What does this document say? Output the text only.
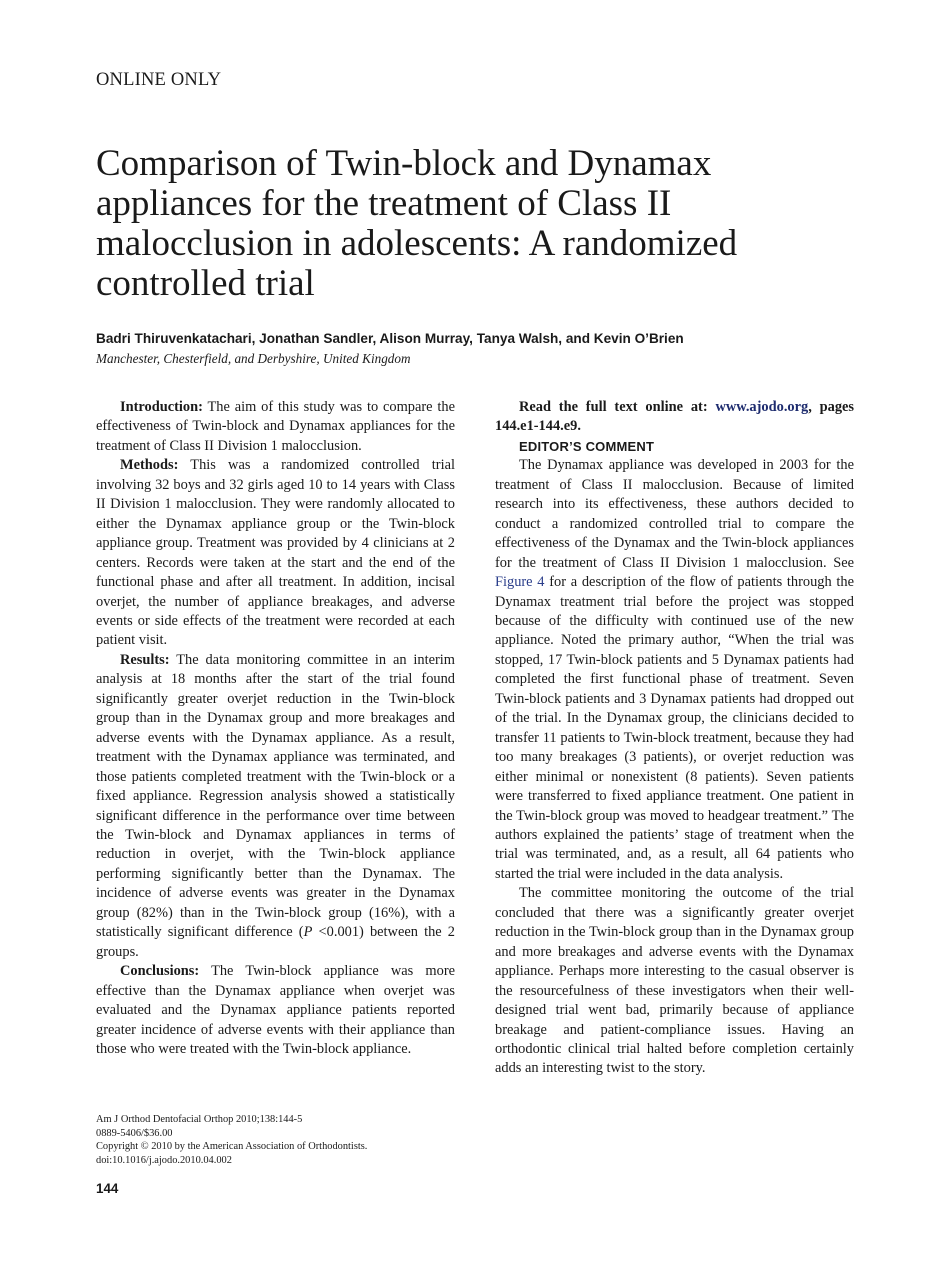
ONLINE ONLY
Comparison of Twin-block and Dynamax appliances for the treatment of Class II malocclusion in adolescents: A randomized controlled trial
Badri Thiruvenkatachari, Jonathan Sandler, Alison Murray, Tanya Walsh, and Kevin O’Brien
Manchester, Chesterfield, and Derbyshire, United Kingdom

Introduction: The aim of this study was to compare the effectiveness of Twin-block and Dynamax appliances for the treatment of Class II Division 1 malocclusion.

Methods: This was a randomized controlled trial involving 32 boys and 32 girls aged 10 to 14 years with Class II Division 1 malocclusion. They were randomly allocated to either the Dynamax appliance group or the Twin-block appliance group. Treatment was provided by 4 clinicians at 2 centers. Records were taken at the start and the end of the functional phase and after all treatment. In addition, incisal overjet, the number of appliance breakages, and adverse events or side effects of the treatment were recorded at each patient visit.

Results: The data monitoring committee in an interim analysis at 18 months after the start of the trial found significantly greater overjet reduction in the Twin-block group than in the Dynamax group and more breakages and adverse events with the Dynamax appliance. As a result, treatment with the Dynamax appliance was terminated, and those patients completed treatment with the Twin-block or a fixed appliance. Regression analysis showed a statistically significant difference in the performance over time between the Twin-block and Dynamax appliances in terms of reduction in overjet, with the Twin-block appliance performing significantly better than the Dynamax. The incidence of adverse events was greater in the Dynamax group (82%) than in the Twin-block group (16%), with a statistically significant difference (P <0.001) between the 2 groups.

Conclusions: The Twin-block appliance was more effective than the Dynamax appliance when overjet was evaluated and the Dynamax appliance patients reported greater incidence of adverse events with their appliance than those who were treated with the Twin-block appliance.

Am J Orthod Dentofacial Orthop 2010;138:144-5
0889-5406/$36.00
Copyright © 2010 by the American Association of Orthodontists.
doi:10.1016/j.ajodo.2010.04.002
144

Read the full text online at: www.ajodo.org, pages 144.e1-144.e9.

EDITOR’S COMMENT

The Dynamax appliance was developed in 2003 for the treatment of Class II malocclusion. Because of limited research into its effectiveness, these authors decided to conduct a randomized controlled trial to compare the effectiveness of the Dynamax and the Twin-block appliances for the treatment of Class II Division 1 malocclusion. See Figure 4 for a description of the flow of patients through the Dynamax treatment trial before the project was stopped because of the difficulty with continued use of the new appliance. Noted the primary author, “When the trial was stopped, 17 Twin-block patients and 5 Dynamax patients had completed the first functional phase of treatment. Seven Twin-block patients and 3 Dynamax patients had dropped out of the trial. In the Dynamax group, the clinicians decided to transfer 11 patients to Twin-block treatment, because they had too many breakages (3 patients), or overjet reduction was either minimal or nonexistent (8 patients). Seven patients were transferred to fixed appliance treatment. One patient in the Twin-block group was moved to headgear treatment.” The authors explained the patients’ stage of treatment when the trial was terminated, and, as a result, all 64 patients who started the trial were included in the data analysis.

The committee monitoring the outcome of the trial concluded that there was a significantly greater overjet reduction in the Twin-block group than in the Dynamax group and more breakages and adverse events with the Dynamax appliance. Perhaps more interesting to the casual observer is the resourcefulness of these investigators when their well-designed trial went bad, primarily because of appliance breakage and patient-compliance issues. Having an orthodontic clinical trial halted before completion certainly adds an interesting twist to the story.
